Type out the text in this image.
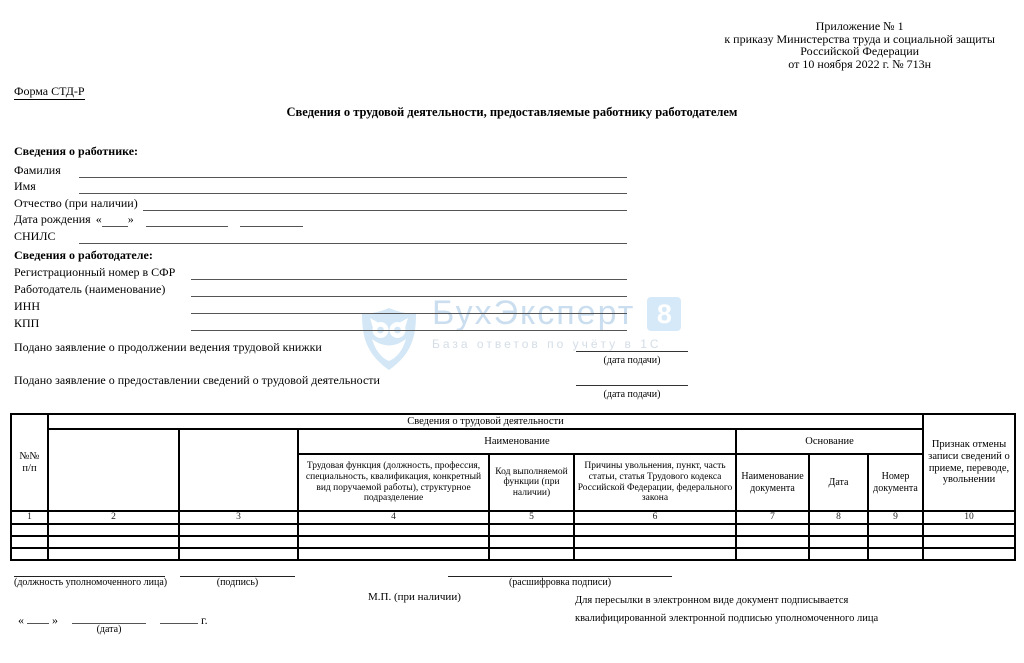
БухЭксперт 8
База ответов по учёту в 1С
Приложение № 1
к приказу Министерства труда и социальной защиты
Российской Федерации
от 10 ноября 2022 г. № 713н
Форма СТД-Р
Сведения о трудовой деятельности, предоставляемые работнику работодателем
Сведения о работнике:
Фамилия
Имя
Отчество (при наличии)
Дата рождения « »
СНИЛС
Сведения о работодателе:
Регистрационный номер в СФР
Работодатель (наименование)
ИНН
КПП
Подано заявление о продолжении ведения трудовой книжки
(дата подачи)
Подано заявление о предоставлении сведений о трудовой деятельности
(дата подачи)
№№ п/п	Сведения о трудовой деятельности								Признак отмены записи сведений о приеме, переводе, увольнении
			Наименование			Основание			
			Трудовая функция (должность, профессия, специальность, квалификация, конкретный вид поручаемой работы), структурное подразделение	Код выполняемой функции (при наличии)	Причины увольнения, пункт, часть статьи, статья Трудового кодекса Российской Федерации, федерального закона	Наименование документа	Дата	Номер документа	
1	2	3	4	5	6	7	8	9	10

(должность уполномоченного лица)	(подпись)	(расшифровка подписи)
М.П. (при наличии)	Для пересылки в электронном виде документ подписывается
квалифицированной электронной подписью уполномоченного лица
« »
(дата)
г.
